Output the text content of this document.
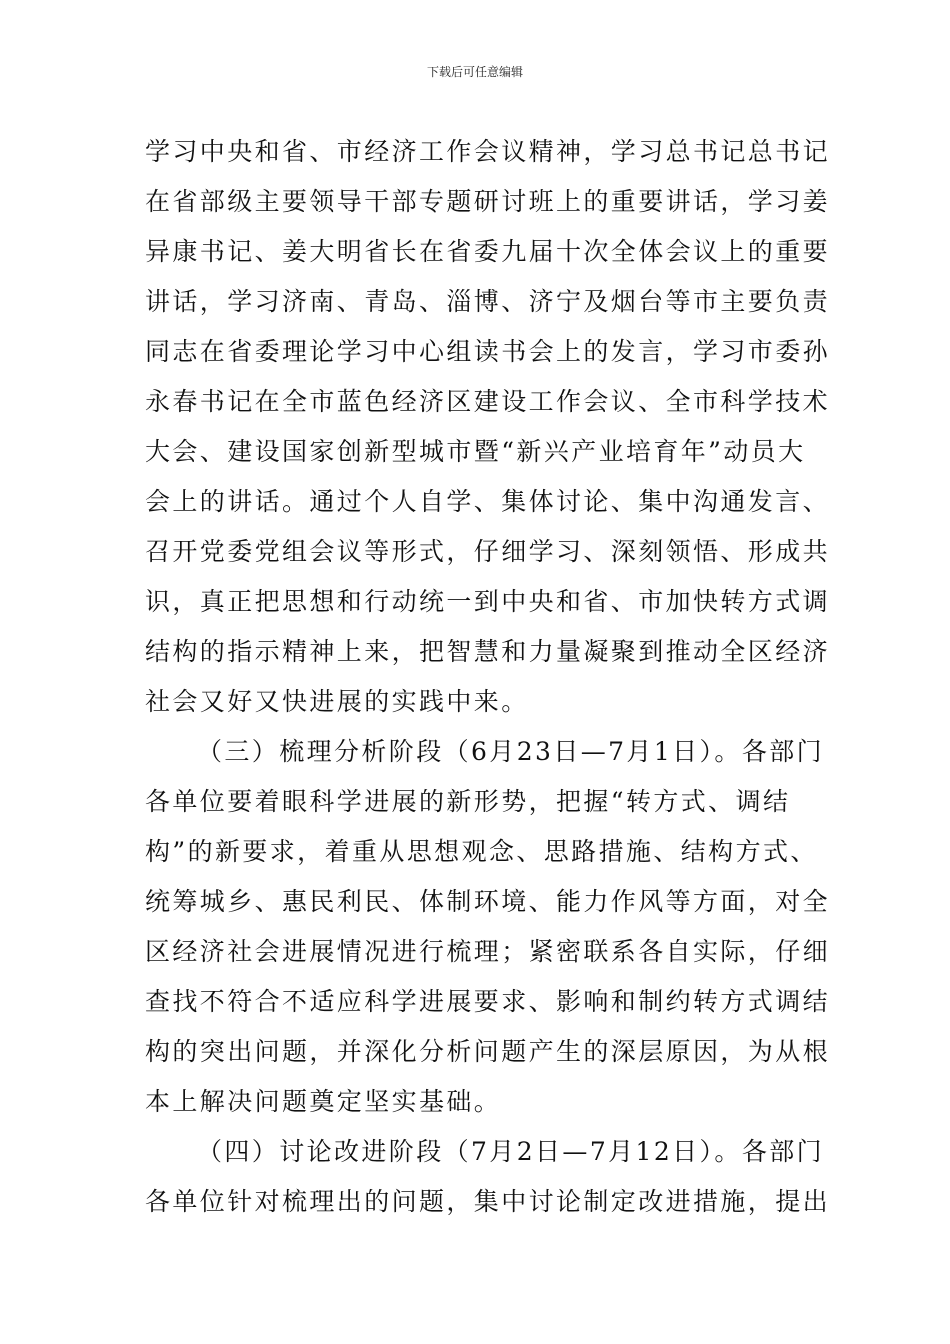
下载后可任意编辑

学习中央和省、市经济工作会议精神，学习总书记总书记
在省部级主要领导干部专题研讨班上的重要讲话，学习姜
异康书记、姜大明省长在省委九届十次全体会议上的重要
讲话，学习济南、青岛、淄博、济宁及烟台等市主要负责
同志在省委理论学习中心组读书会上的发言，学习市委孙
永春书记在全市蓝色经济区建设工作会议、全市科学技术
大会、建设国家创新型城市暨“新兴产业培育年”动员大
会上的讲话。通过个人自学、集体讨论、集中沟通发言、
召开党委党组会议等形式，仔细学习、深刻领悟、形成共
识，真正把思想和行动统一到中央和省、市加快转方式调
结构的指示精神上来，把智慧和力量凝聚到推动全区经济
社会又好又快进展的实践中来。

（三）梳理分析阶段（6月23日—7月1日）。各部门
各单位要着眼科学进展的新形势，把握“转方式、调结
构”的新要求，着重从思想观念、思路措施、结构方式、
统筹城乡、惠民利民、体制环境、能力作风等方面，对全
区经济社会进展情况进行梳理；紧密联系各自实际，仔细
查找不符合不适应科学进展要求、影响和制约转方式调结
构的突出问题，并深化分析问题产生的深层原因，为从根
本上解决问题奠定坚实基础。

（四）讨论改进阶段（7月2日—7月12日）。各部门
各单位针对梳理出的问题，集中讨论制定改进措施，提出
